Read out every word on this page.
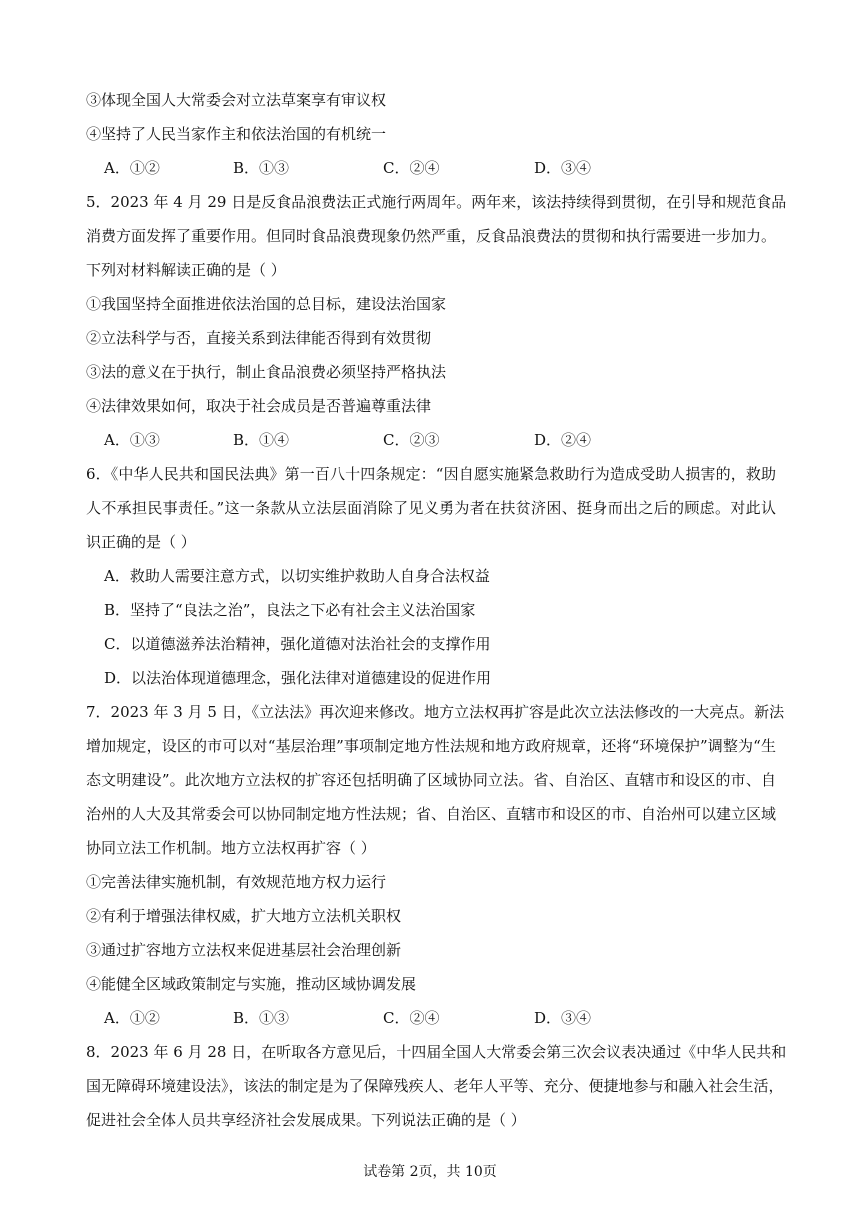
③体现全国人大常委会对立法草案享有审议权
④坚持了人民当家作主和依法治国的有机统一
A．①②	B．①③	C．②④	D．③④
5．2023 年 4 月 29 日是反食品浪费法正式施行两周年。两年来，该法持续得到贯彻，在引导和规范食品
消费方面发挥了重要作用。但同时食品浪费现象仍然严重，反食品浪费法的贯彻和执行需要进一步加力。
下列对材料解读正确的是（ ）
①我国坚持全面推进依法治国的总目标，建设法治国家
②立法科学与否，直接关系到法律能否得到有效贯彻
③法的意义在于执行，制止食品浪费必须坚持严格执法
④法律效果如何，取决于社会成员是否普遍尊重法律
A．①③	B．①④	C．②③	D．②④
6．《中华人民共和国民法典》第一百八十四条规定：“因自愿实施紧急救助行为造成受助人损害的，救助
人不承担民事责任。”这一条款从立法层面消除了见义勇为者在扶贫济困、挺身而出之后的顾虑。对此认
识正确的是（ ）
A．救助人需要注意方式，以切实维护救助人自身合法权益
B．坚持了“良法之治”，良法之下必有社会主义法治国家
C．以道德滋养法治精神，强化道德对法治社会的支撑作用
D．以法治体现道德理念，强化法律对道德建设的促进作用
7．2023 年 3 月 5 日，《立法法》再次迎来修改。地方立法权再扩容是此次立法法修改的一大亮点。新法
增加规定，设区的市可以对“基层治理”事项制定地方性法规和地方政府规章，还将“环境保护”调整为“生
态文明建设”。此次地方立法权的扩容还包括明确了区域协同立法。省、自治区、直辖市和设区的市、自
治州的人大及其常委会可以协同制定地方性法规；省、自治区、直辖市和设区的市、自治州可以建立区域
协同立法工作机制。地方立法权再扩容（ ）
①完善法律实施机制，有效规范地方权力运行
②有利于增强法律权威，扩大地方立法机关职权
③通过扩容地方立法权来促进基层社会治理创新
④能健全区域政策制定与实施，推动区域协调发展
A．①②	B．①③	C．②④	D．③④
8．2023 年 6 月 28 日，在听取各方意见后，十四届全国人大常委会第三次会议表决通过《中华人民共和
国无障碍环境建设法》，该法的制定是为了保障残疾人、老年人平等、充分、便捷地参与和融入社会生活，
促进社会全体人员共享经济社会发展成果。下列说法正确的是（ ）
试卷第 2页，共 10页
